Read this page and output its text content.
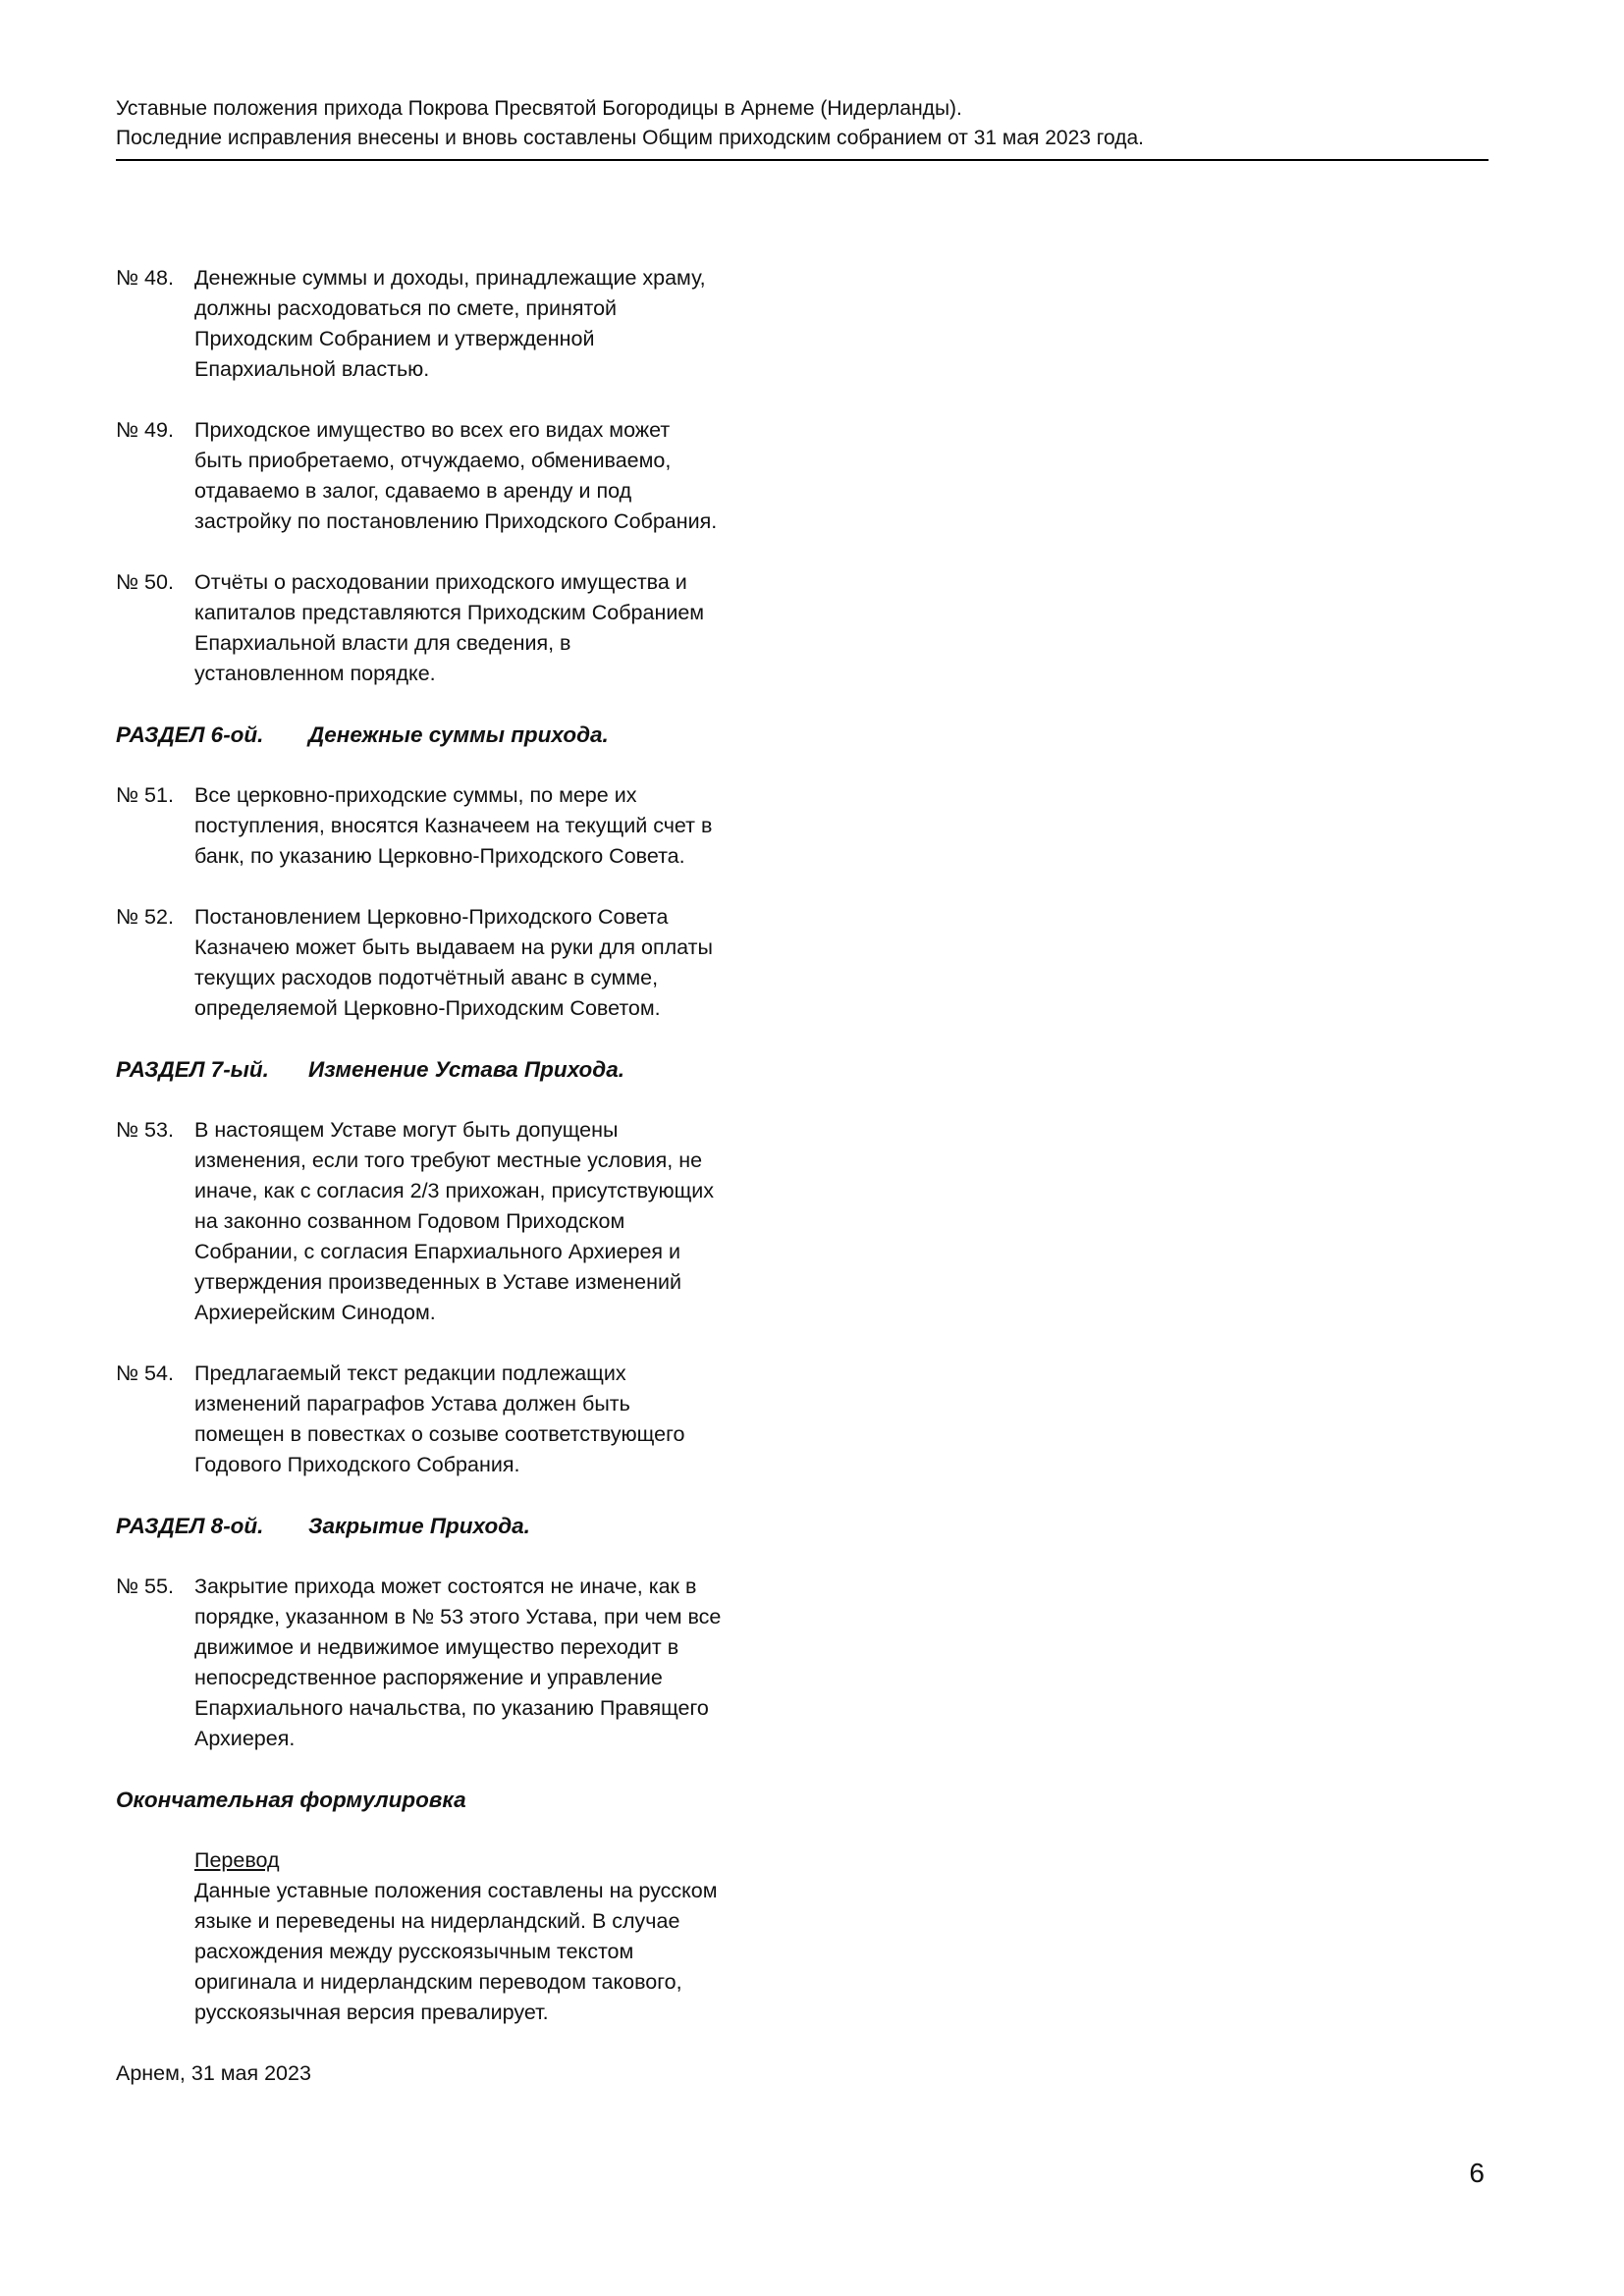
Уставные положения прихода Покрова Пресвятой Богородицы в Арнеме (Нидерланды).
Последние исправления внесены и вновь составлены Общим приходским собранием от 31 мая 2023 года.
№ 48. Денежные суммы и доходы, принадлежащие храму,
должны расходоваться по смете, принятой
Приходским Собранием и утвержденной
Епархиальной властью.
№ 49. Приходское имущество во всех его видах может
быть приобретаемо, отчуждаемо, обмениваемо,
отдаваемо в залог, сдаваемо в аренду и под
застройку по постановлению Приходского Собрания.
№ 50. Отчёты о расходовании приходского имущества и
капиталов представляются Приходским Собранием
Епархиальной власти для сведения, в
установленном порядке.
РАЗДЕЛ 6-ой.	Денежные суммы прихода.
№ 51. Все церковно-приходские суммы, по мере их
поступления, вносятся Казначеем на текущий счет в
банк, по указанию Церковно-Приходского Совета.
№ 52. Постановлением Церковно-Приходского Совета
Казначею может быть выдаваем на руки для оплаты
текущих расходов подотчётный аванс в сумме,
определяемой Церковно-Приходским Советом.
РАЗДЕЛ 7-ый.	Изменение Устава Прихода.
№ 53. В настоящем Уставе могут быть допущены
изменения, если того требуют местные условия, не
иначе, как с согласия 2/3 прихожан, присутствующих
на законно созванном Годовом Приходском
Собрании, с согласия Епархиального Архиерея и
утверждения произведенных в Уставе изменений
Архиерейским Синодом.
№ 54. Предлагаемый текст редакции подлежащих
изменений параграфов Устава должен быть
помещен в повестках о созыве соответствующего
Годового Приходского Собрания.
РАЗДЕЛ 8-ой.	Закрытие Прихода.
№ 55. Закрытие прихода может состоятся не иначе, как в
порядке, указанном в № 53 этого Устава, при чем все
движимое и недвижимое имущество переходит в
непосредственное распоряжение и управление
Епархиального начальства, по указанию Правящего
Архиерея.
Окончательная формулировка
Перевод
Данные уставные положения составлены на русском
языке и переведены на нидерландский. В случае
расхождения между русскоязычным текстом
оригинала и нидерландским переводом такового,
русскоязычная версия превалирует.
Арнем, 31 мая 2023
6
